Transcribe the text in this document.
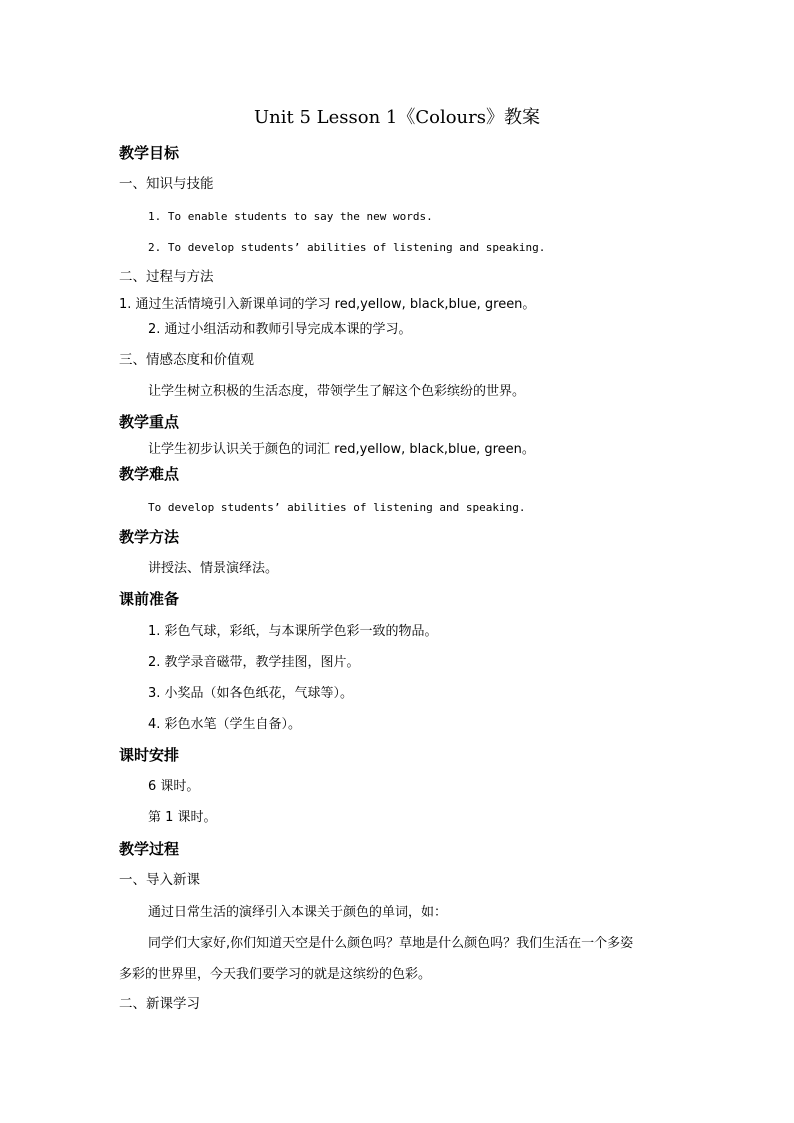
Unit 5 Lesson 1《Colours》教案
教学目标
一、知识与技能
1. To enable students to say the new words.
2. To develop students’ abilities of listening and speaking.
二、过程与方法
1. 通过生活情境引入新课单词的学习 red,yellow, black,blue, green。
2. 通过小组活动和教师引导完成本课的学习。
三、情感态度和价值观
让学生树立积极的生活态度，带领学生了解这个色彩缤纷的世界。
教学重点
让学生初步认识关于颜色的词汇 red,yellow, black,blue, green。
教学难点
To develop students’ abilities of listening and speaking.
教学方法
讲授法、情景演绎法。
课前准备
1. 彩色气球，彩纸，与本课所学色彩一致的物品。
2. 教学录音磁带，教学挂图，图片。
3. 小奖品（如各色纸花，气球等）。
4. 彩色水笔（学生自备）。
课时安排
6 课时。
第 1 课时。
教学过程
一、导入新课
通过日常生活的演绎引入本课关于颜色的单词，如：
同学们大家好,你们知道天空是什么颜色吗？草地是什么颜色吗？我们生活在一个多姿
多彩的世界里，今天我们要学习的就是这缤纷的色彩。
二、新课学习
